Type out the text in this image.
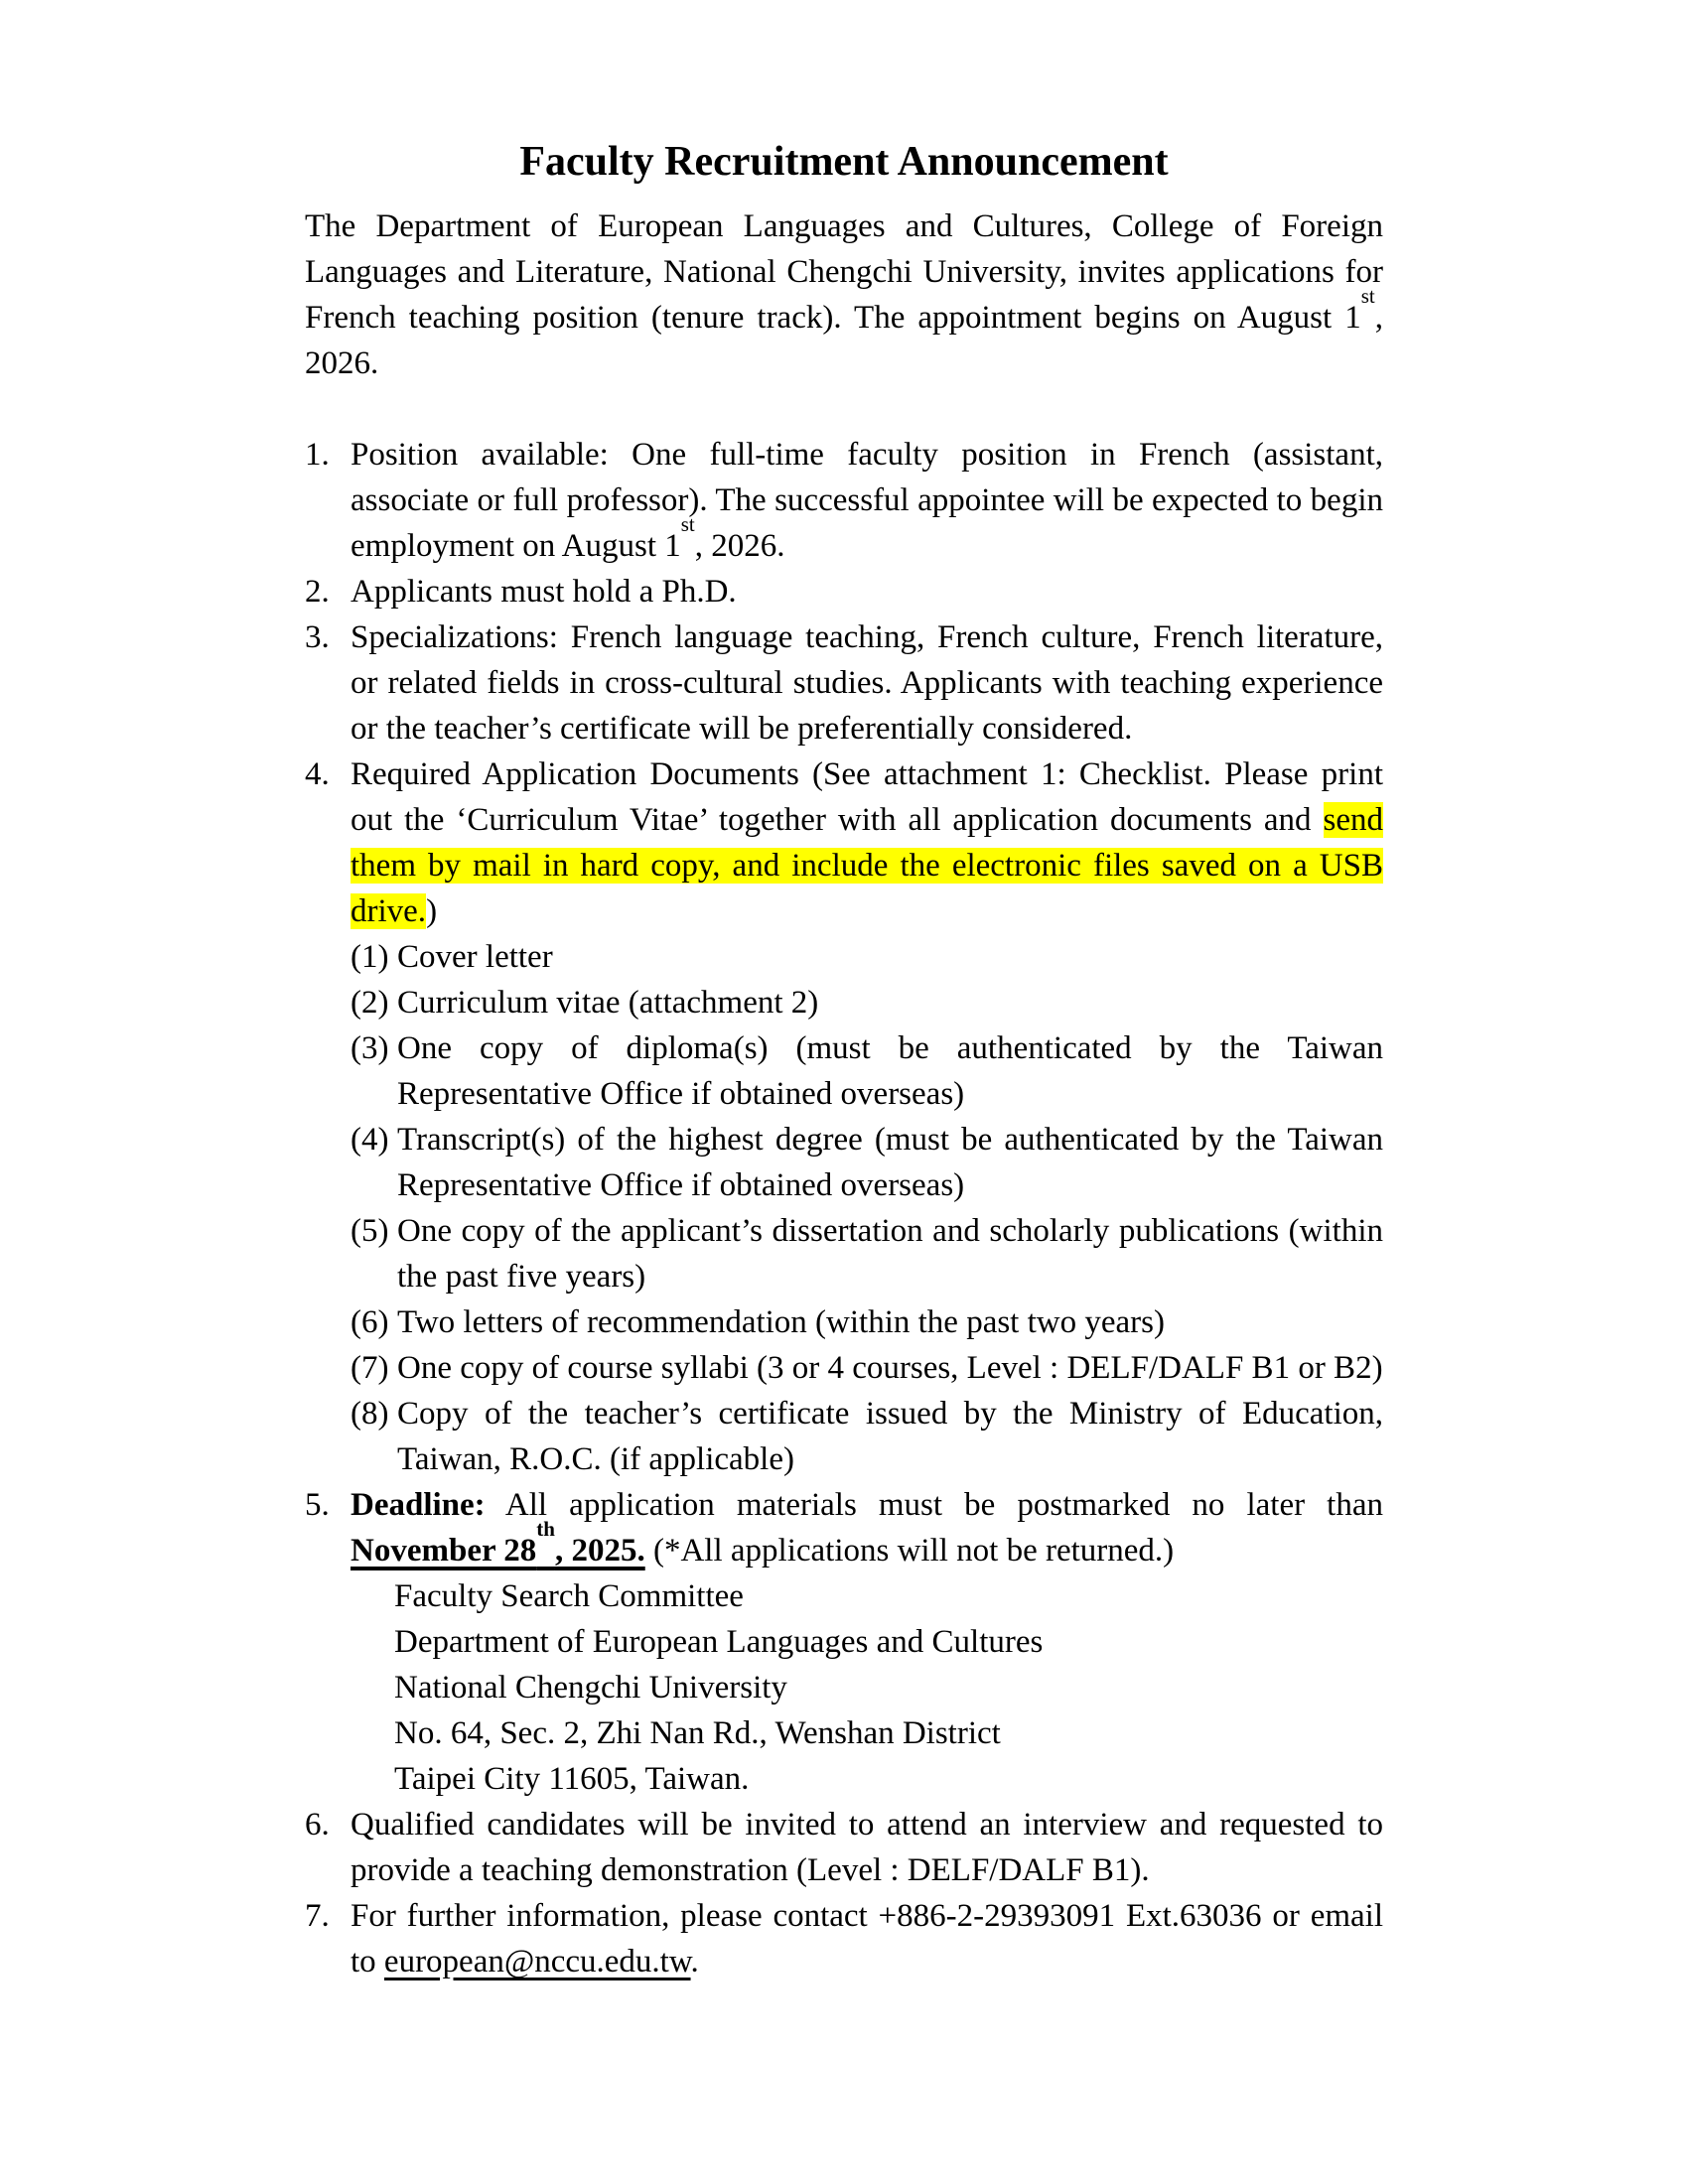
Faculty Recruitment Announcement
The Department of European Languages and Cultures, College of Foreign Languages and Literature, National Chengchi University, invites applications for French teaching position (tenure track). The appointment begins on August 1st, 2026.
1. Position available: One full-time faculty position in French (assistant, associate or full professor). The successful appointee will be expected to begin employment on August 1st, 2026.
2. Applicants must hold a Ph.D.
3. Specializations: French language teaching, French culture, French literature, or related fields in cross-cultural studies. Applicants with teaching experience or the teacher’s certificate will be preferentially considered.
4. Required Application Documents (See attachment 1: Checklist. Please print out the ‘Curriculum Vitae’ together with all application documents and send them by mail in hard copy, and include the electronic files saved on a USB drive.)
(1) Cover letter
(2) Curriculum vitae (attachment 2)
(3) One copy of diploma(s) (must be authenticated by the Taiwan Representative Office if obtained overseas)
(4) Transcript(s) of the highest degree (must be authenticated by the Taiwan Representative Office if obtained overseas)
(5) One copy of the applicant’s dissertation and scholarly publications (within the past five years)
(6) Two letters of recommendation (within the past two years)
(7) One copy of course syllabi (3 or 4 courses, Level : DELF/DALF B1 or B2)
(8) Copy of the teacher’s certificate issued by the Ministry of Education, Taiwan, R.O.C. (if applicable)
5. Deadline: All application materials must be postmarked no later than November 28th, 2025. (*All applications will not be returned.)
Faculty Search Committee
Department of European Languages and Cultures
National Chengchi University
No. 64, Sec. 2, Zhi Nan Rd., Wenshan District
Taipei City 11605, Taiwan.
6. Qualified candidates will be invited to attend an interview and requested to provide a teaching demonstration (Level : DELF/DALF B1).
7. For further information, please contact +886-2-29393091 Ext.63036 or email to european@nccu.edu.tw.
